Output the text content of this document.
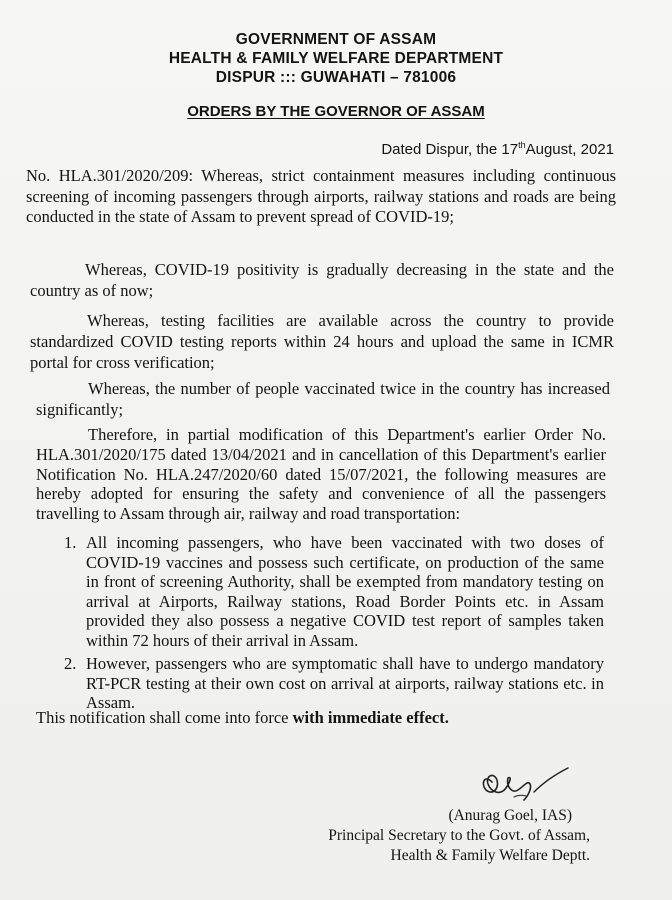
GOVERNMENT OF ASSAM
HEALTH & FAMILY WELFARE DEPARTMENT
DISPUR ::: GUWAHATI – 781006
ORDERS BY THE GOVERNOR OF ASSAM
Dated Dispur, the 17thAugust, 2021

No. HLA.301/2020/209: Whereas, strict containment measures including continuous screening of incoming passengers through airports, railway stations and roads are being conducted in the state of Assam to prevent spread of COVID-19;

Whereas, COVID-19 positivity is gradually decreasing in the state and the country as of now;

Whereas, testing facilities are available across the country to provide standardized COVID testing reports within 24 hours and upload the same in ICMR portal for cross verification;

Whereas, the number of people vaccinated twice in the country has increased significantly;

Therefore, in partial modification of this Department's earlier Order No. HLA.301/2020/175 dated 13/04/2021 and in cancellation of this Department's earlier Notification No. HLA.247/2020/60 dated 15/07/2021, the following measures are hereby adopted for ensuring the safety and convenience of all the passengers travelling to Assam through air, railway and road transportation:

1. All incoming passengers, who have been vaccinated with two doses of COVID-19 vaccines and possess such certificate, on production of the same in front of screening Authority, shall be exempted from mandatory testing on arrival at Airports, Railway stations, Road Border Points etc. in Assam provided they also possess a negative COVID test report of samples taken within 72 hours of their arrival in Assam.
2. However, passengers who are symptomatic shall have to undergo mandatory RT-PCR testing at their own cost on arrival at airports, railway stations etc. in Assam.
This notification shall come into force with immediate effect.
(Anurag Goel, IAS)
Principal Secretary to the Govt. of Assam,
Health & Family Welfare Deptt.
